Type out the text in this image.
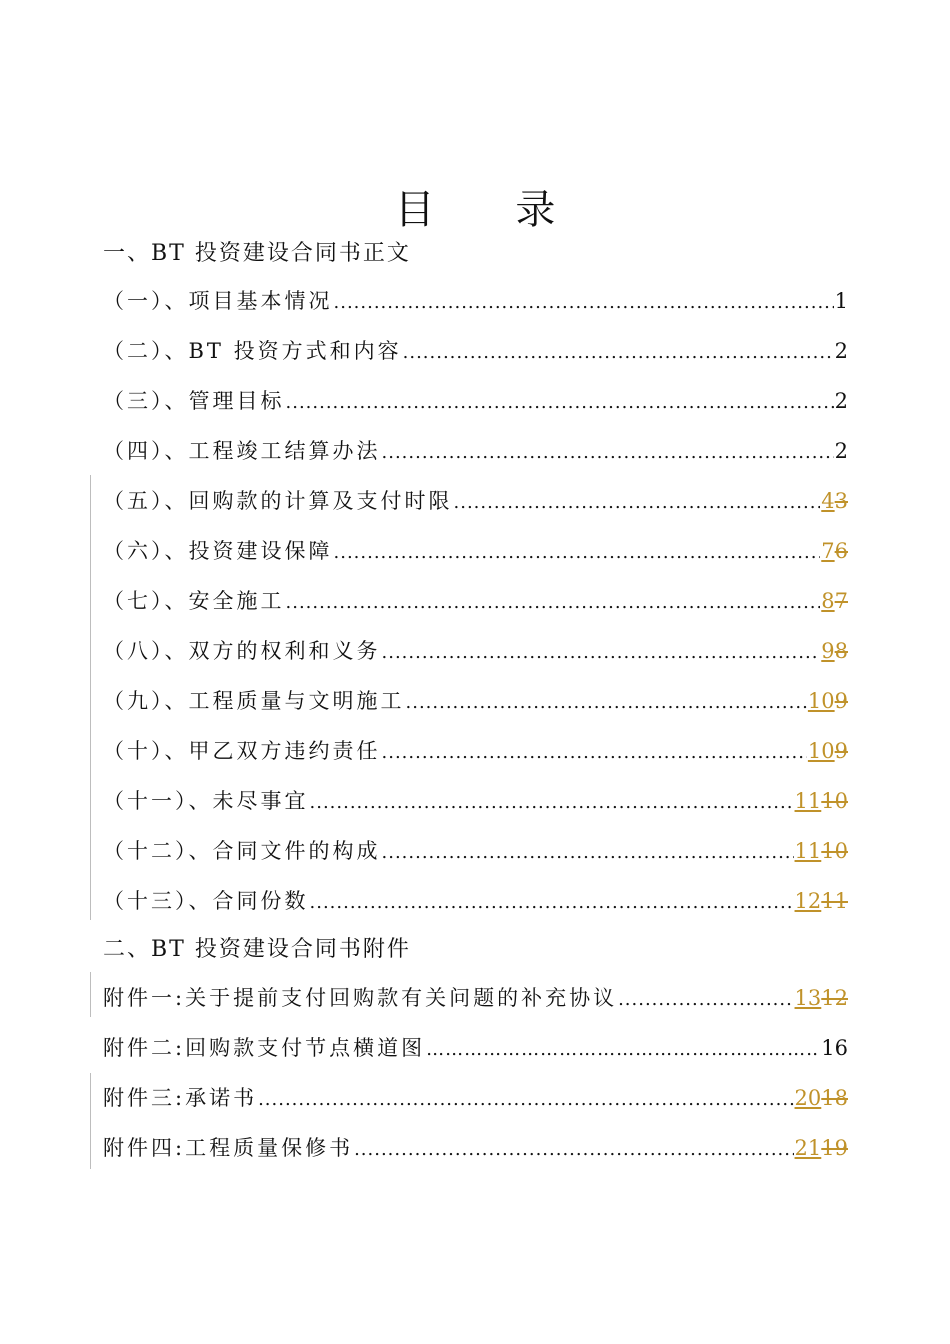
目 录
一、BT 投资建设合同书正文
（一）、项目基本情况 .....	1
（二）、BT 投资方式和内容 .....	2
（三）、管理目标 .....	2
（四）、工程竣工结算办法 .....	2
（五）、回购款的计算及支付时限 .....	43
（六）、投资建设保障 .....	76
（七）、安全施工 .....	87
（八）、双方的权利和义务 .....	98
（九）、工程质量与文明施工 .....	109
（十）、甲乙双方违约责任 .....	109
（十一）、未尽事宜 .....	1110
（十二）、合同文件的构成 .....	1110
（十三）、合同份数 .....	1211
二、BT 投资建设合同书附件
附件一:关于提前支付回购款有关问题的补充协议 .....	1312
附件二:回购款支付节点横道图 ………………………………………………………………………………………………………………………………	16
附件三:承诺书 .....	2018
附件四:工程质量保修书 .....	2119
